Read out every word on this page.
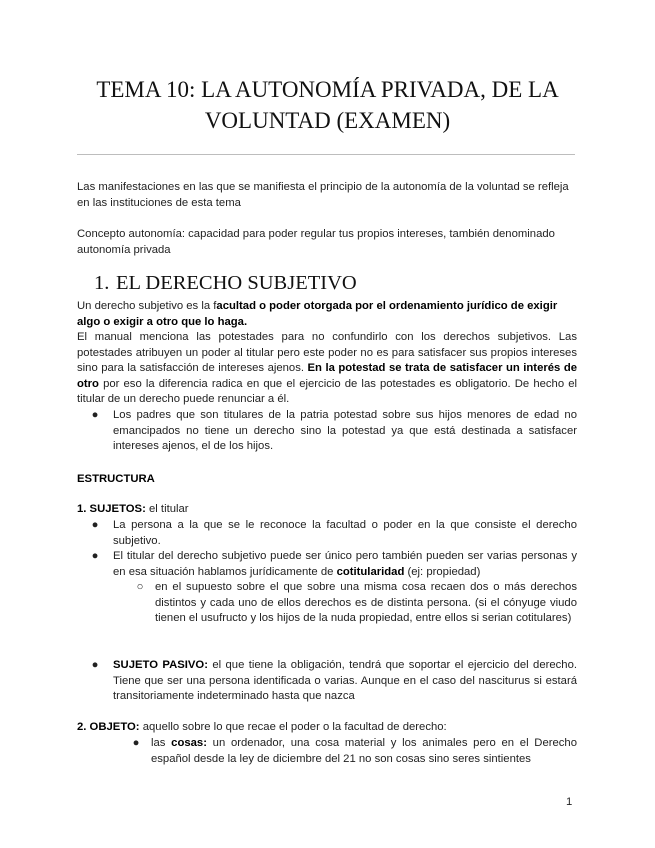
TEMA 10: LA AUTONOMÍA PRIVADA, DE LA VOLUNTAD (EXAMEN)
Las manifestaciones en las que se manifiesta el principio de la autonomía de la voluntad se refleja en las instituciones de esta tema
Concepto autonomía: capacidad para poder regular tus propios intereses, también denominado autonomía privada
1. EL DERECHO SUBJETIVO
Un derecho subjetivo es la facultad o poder otorgada por el ordenamiento jurídico de exigir algo o exigir a otro que lo haga.
El manual menciona las potestades para no confundirlo con los derechos subjetivos. Las potestades atribuyen un poder al titular pero este poder no es para satisfacer sus propios intereses sino para la satisfacción de intereses ajenos. En la potestad se trata de satisfacer un interés de otro por eso la diferencia radica en que el ejercicio de las potestades es obligatorio. De hecho el titular de un derecho puede renunciar a él.
● Los padres que son titulares de la patria potestad sobre sus hijos menores de edad no emancipados no tiene un derecho sino la potestad ya que está destinada a satisfacer intereses ajenos, el de los hijos.
ESTRUCTURA
1. SUJETOS: el titular
● La persona a la que se le reconoce la facultad o poder en la que consiste el derecho subjetivo.
● El titular del derecho subjetivo puede ser único pero también pueden ser varias personas y en esa situación hablamos jurídicamente de cotitularidad (ej: propiedad)
○ en el supuesto sobre el que sobre una misma cosa recaen dos o más derechos distintos y cada uno de ellos derechos es de distinta persona. (si el cónyuge viudo tienen el usufructo y los hijos de la nuda propiedad, entre ellos si serian cotitulares)
● SUJETO PASIVO: el que tiene la obligación, tendrá que soportar el ejercicio del derecho. Tiene que ser una persona identificada o varias. Aunque en el caso del nasciturus si estará transitoriamente indeterminado hasta que nazca
2. OBJETO: aquello sobre lo que recae el poder o la facultad de derecho:
● las cosas: un ordenador, una cosa material y los animales pero en el Derecho español desde la ley de diciembre del 21 no son cosas sino seres sintientes
1
